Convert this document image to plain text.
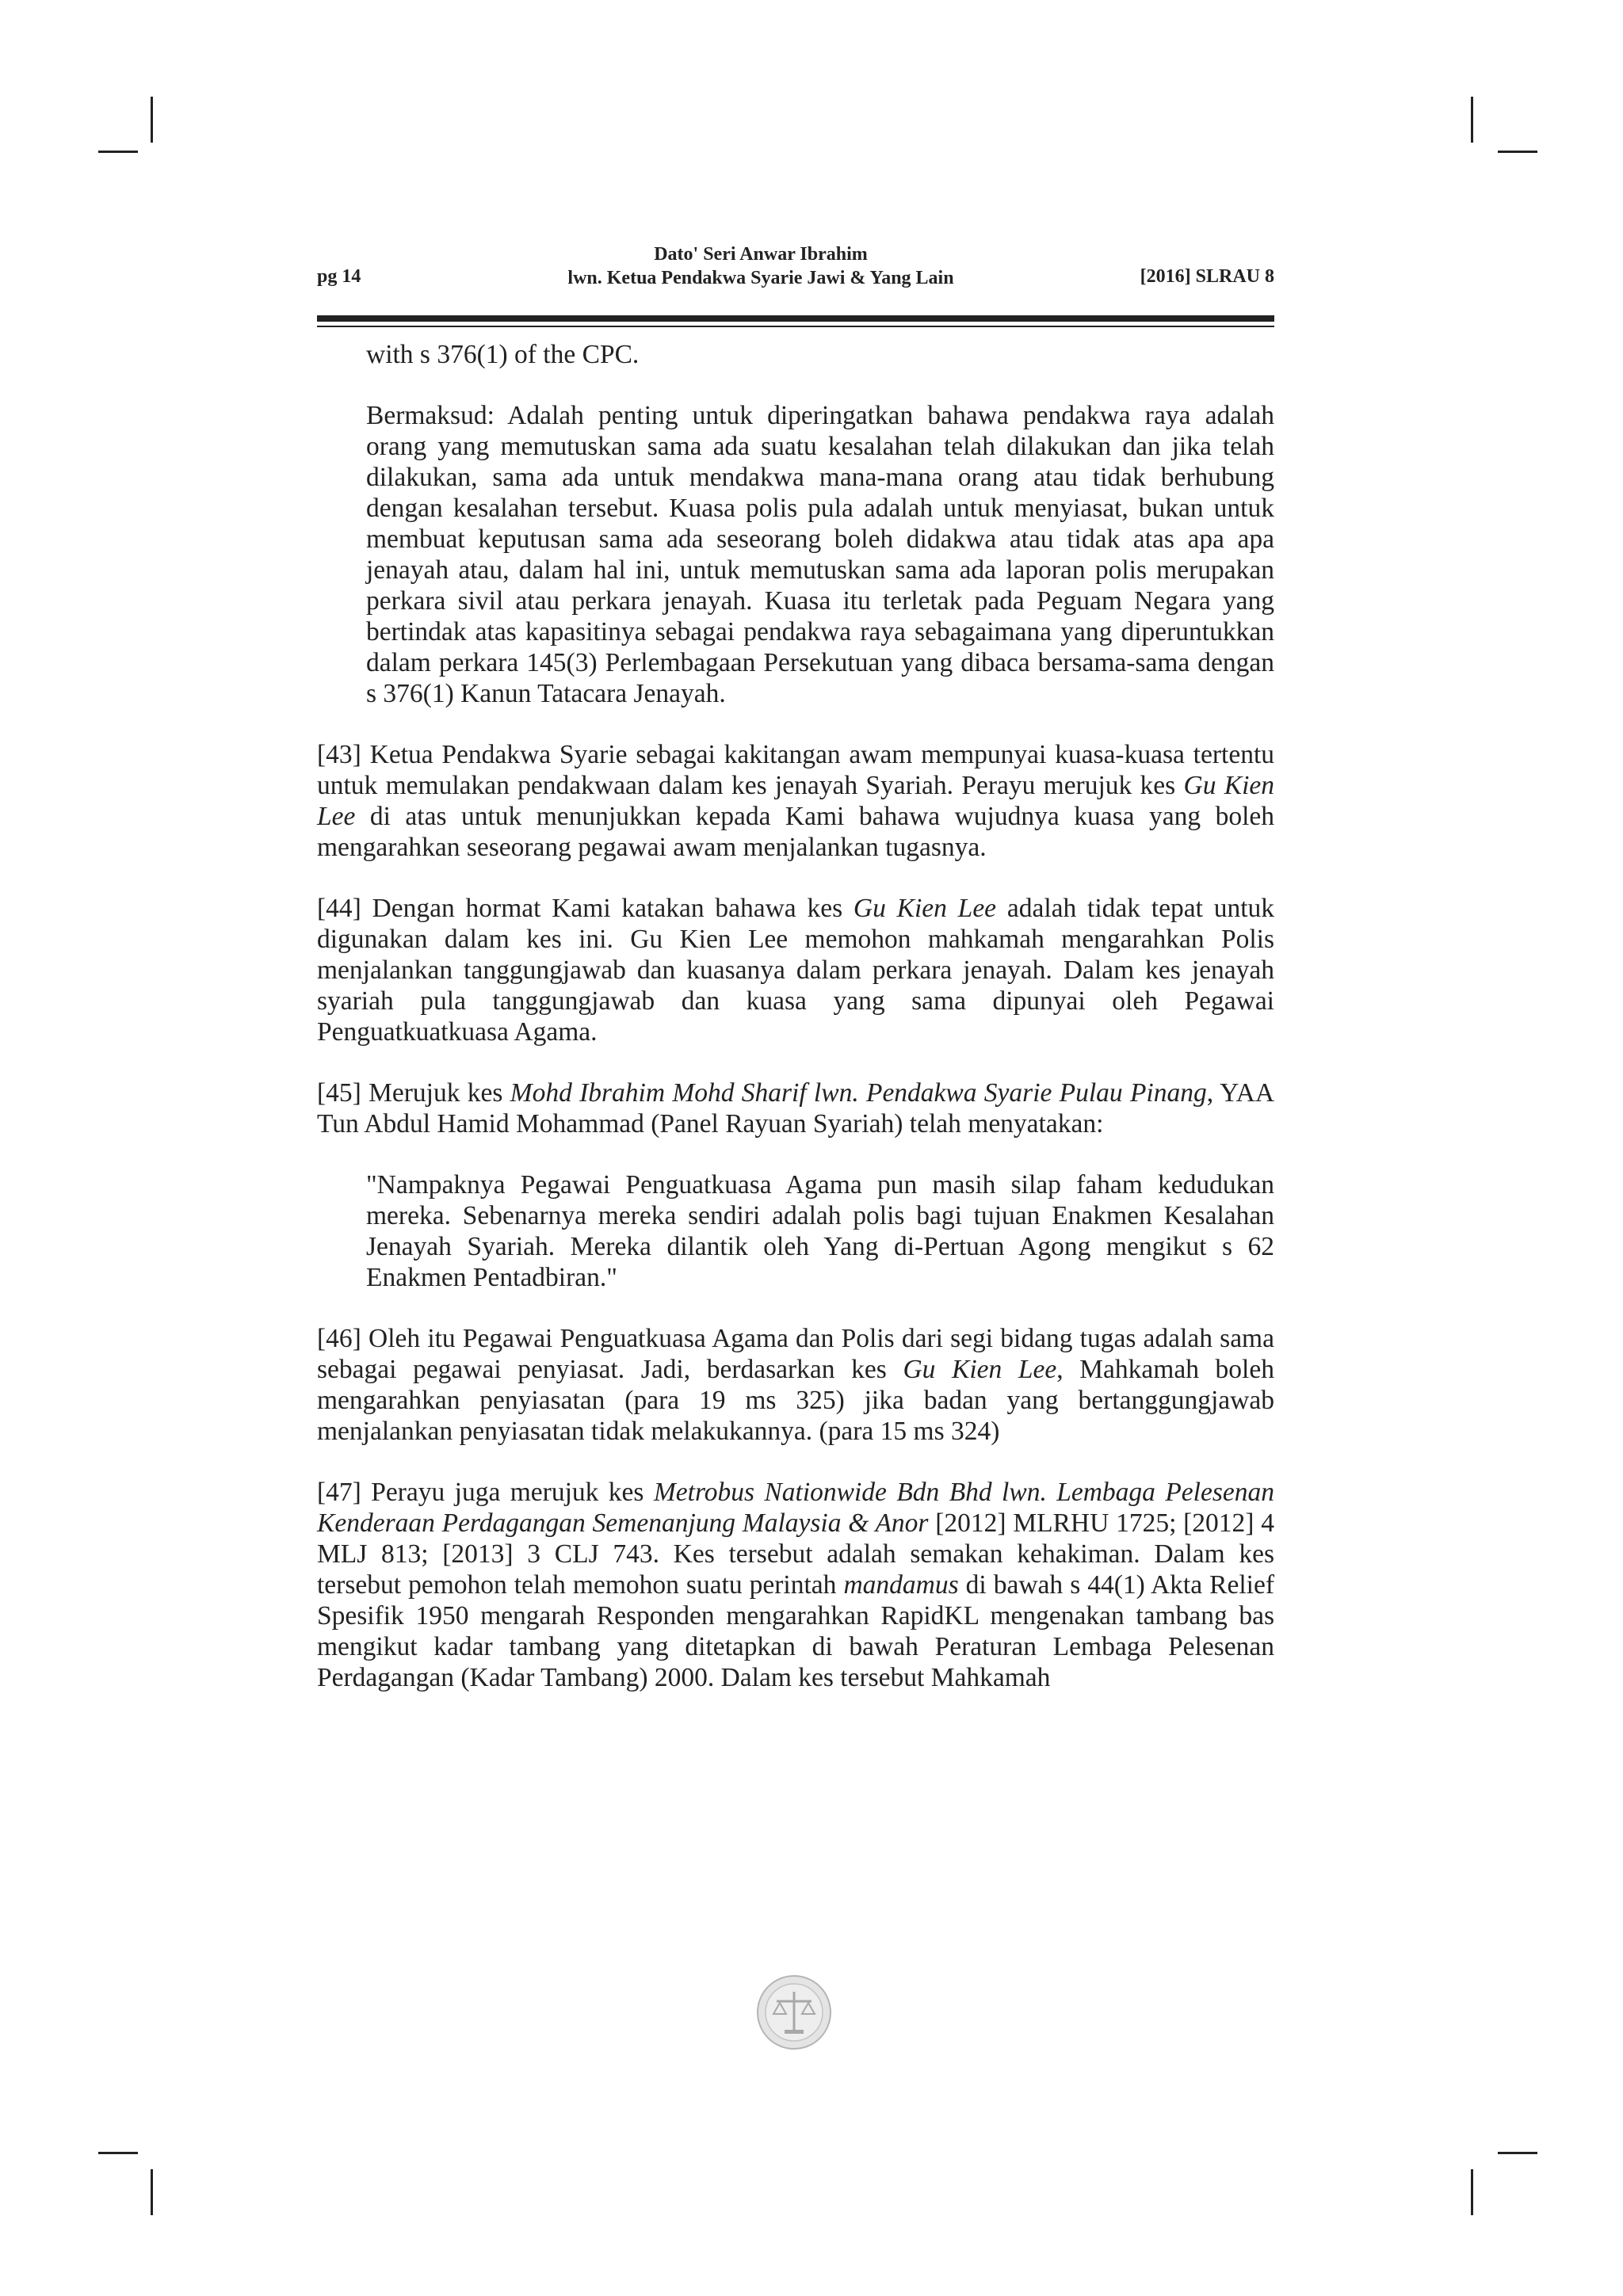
pg 14
Dato' Seri Anwar Ibrahim
lwn. Ketua Pendakwa Syarie Jawi & Yang Lain	[2016] SLRAU 8
with s 376(1) of the CPC.
Bermaksud: Adalah penting untuk diperingatkan bahawa pendakwa raya adalah orang yang memutuskan sama ada suatu kesalahan telah dilakukan dan jika telah dilakukan, sama ada untuk mendakwa mana-mana orang atau tidak berhubung dengan kesalahan tersebut. Kuasa polis pula adalah untuk menyiasat, bukan untuk membuat keputusan sama ada seseorang boleh didakwa atau tidak atas apa apa jenayah atau, dalam hal ini, untuk memutuskan sama ada laporan polis merupakan perkara sivil atau perkara jenayah. Kuasa itu terletak pada Peguam Negara yang bertindak atas kapasitinya sebagai pendakwa raya sebagaimana yang diperuntukkan dalam perkara 145(3) Perlembagaan Persekutuan yang dibaca bersama-sama dengan s 376(1) Kanun Tatacara Jenayah.

[43] Ketua Pendakwa Syarie sebagai kakitangan awam mempunyai kuasa-kuasa tertentu untuk memulakan pendakwaan dalam kes jenayah Syariah. Perayu merujuk kes Gu Kien Lee di atas untuk menunjukkan kepada Kami bahawa wujudnya kuasa yang boleh mengarahkan seseorang pegawai awam menjalankan tugasnya.

[44] Dengan hormat Kami katakan bahawa kes Gu Kien Lee adalah tidak tepat untuk digunakan dalam kes ini. Gu Kien Lee memohon mahkamah mengarahkan Polis menjalankan tanggungjawab dan kuasanya dalam perkara jenayah. Dalam kes jenayah syariah pula tanggungjawab dan kuasa yang sama dipunyai oleh Pegawai Penguatkuatkuasa Agama.

[45] Merujuk kes Mohd Ibrahim Mohd Sharif lwn. Pendakwa Syarie Pulau Pinang, YAA Tun Abdul Hamid Mohammad (Panel Rayuan Syariah) telah menyatakan:

"Nampaknya Pegawai Penguatkuasa Agama pun masih silap faham kedudukan mereka. Sebenarnya mereka sendiri adalah polis bagi tujuan Enakmen Kesalahan Jenayah Syariah. Mereka dilantik oleh Yang di-Pertuan Agong mengikut s 62 Enakmen Pentadbiran."

[46] Oleh itu Pegawai Penguatkuasa Agama dan Polis dari segi bidang tugas adalah sama sebagai pegawai penyiasat. Jadi, berdasarkan kes Gu Kien Lee, Mahkamah boleh mengarahkan penyiasatan (para 19 ms 325) jika badan yang bertanggungjawab menjalankan penyiasatan tidak melakukannya. (para 15 ms 324)

[47] Perayu juga merujuk kes Metrobus Nationwide Bdn Bhd lwn. Lembaga Pelesenan Kenderaan Perdagangan Semenanjung Malaysia & Anor [2012] MLRHU 1725; [2012] 4 MLJ 813; [2013] 3 CLJ 743. Kes tersebut adalah semakan kehakiman. Dalam kes tersebut pemohon telah memohon suatu perintah mandamus di bawah s 44(1) Akta Relief Spesifik 1950 mengarah Responden mengarahkan RapidKL mengenakan tambang bas mengikut kadar tambang yang ditetapkan di bawah Peraturan Lembaga Pelesenan Perdagangan (Kadar Tambang) 2000. Dalam kes tersebut Mahkamah
